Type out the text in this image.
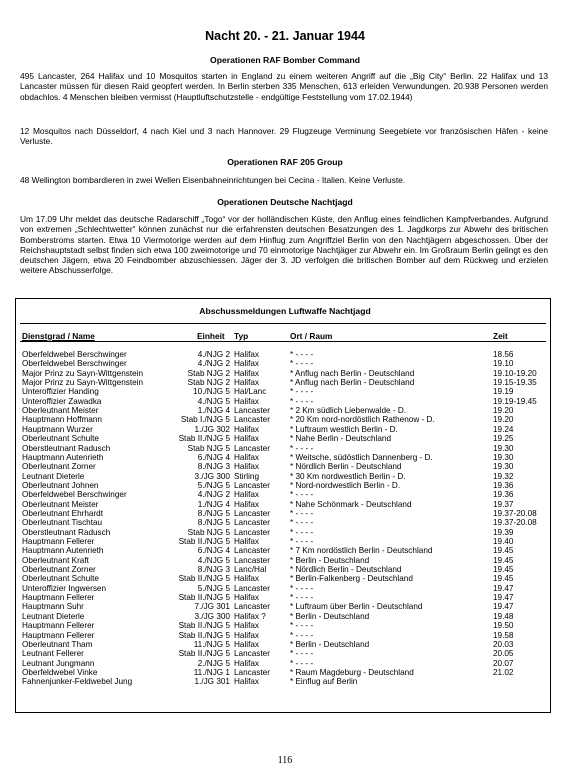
Nacht 20. - 21. Januar 1944
Operationen RAF Bomber Command
495 Lancaster, 264 Halifax und 10 Mosquitos starten in England zu einem weiteren Angriff auf die „Big City“ Berlin. 22 Halifax und 13 Lancaster müssen für diesen Raid geopfert werden. In Berlin sterben 335 Menschen, 613 erleiden Verwundungen. 20.938 Personen werden obdachlos. 4 Menschen bleiben vermisst (Hauptluftschutzstelle - endgültige Feststellung vom 17.02.1944)
12 Mosquitos nach Düsseldorf, 4 nach Kiel und 3 nach Hannover. 29 Flugzeuge Verminung Seegebiete vor französischen Häfen - keine Verluste.
Operationen RAF 205 Group
48 Wellington bombardieren in zwei Wellen Eisenbahneinrichtungen bei Cecina - Italien. Keine Verluste.
Operationen Deutsche Nachtjagd
Um 17.09 Uhr meldet das deutsche Radarschiff „Togo“ vor der holländischen Küste, den Anflug eines feindlichen Kampfverbandes. Aufgrund von extremen „Schlechtwetter“ können zunächst nur die erfahrensten deutschen Besatzungen des 1. Jagdkorps zur Abwehr des britischen Bomberstroms starten. Etwa 10 Viermotorige werden auf dem Hinflug zum Angriffziel Berlin von den Nachtjägern abgeschossen. Über der Reichshauptstadt selbst finden sich etwa 100 zweimotorige und 70 einmotorige Nachtjäger zur Abwehr ein. Im Großraum Berlin gelingt es den deutschen Jägern, etwa 20 Feindbomber abzuschiessen. Jäger der 3. JD verfolgen die britischen Bomber auf dem Rückweg und erzielen weitere Abschusserfolge.
Abschussmeldungen Luftwaffe Nachtjagd
Dienstgrad / Name	Einheit Typ	Ort / Raum	Zeit
Oberfeldwebel Berschwinger	4./NJG 2 Halifax	* - - - -	18.56
Oberfeldwebel Berschwinger	4./NJG 2 Halifax	* - - - -	19.10
Major Prinz zu Sayn-Wittgenstein	Stab NJG 2 Halifax	* Anflug nach Berlin - Deutschland	19.10-19.20
Major Prinz zu Sayn-Wittgenstein	Stab NJG 2 Halifax	* Anflug nach Berlin - Deutschland	19.15-19.35
Unteroffizier Handing	10./NJG 5 Hal/Lanc	* - - - -	19.19
Unteroffizier Zawadka	4./NJG 5 Halifax	* - - - -	19.19-19.45
Oberleutnant Meister	1./NJG 4 Lancaster * 2 Km südlich Liebenwalde - D.	19.20
Hauptmann Hoffmann	Stab I./NJG 5 Lancaster * 20 Km nord-nordöstlich Rathenow - D.	19.20
Hauptmann Wurzer	1./JG 302 Halifax	* Luftraum westlich Berlin - D.	19.24
Oberleutnant Schulte	Stab II./NJG 5 Halifax	* Nahe Berlin - Deutschland	19.25
Oberstleutnant Radusch	Stab NJG 5 Lancaster * - - - -	19.30
Hauptmann Autenrieth	6./NJG 4 Halifax	* Weitsche, südöstlich Dannenberg - D.	19.30
Oberleutnant Zorner	8./NJG 3 Halifax	* Nördlich Berlin - Deutschland	19.30
Leutnant Dieterle	3./JG 300 Stirling	* 30 Km nordwestlich Berlin - D.	19.32
Oberleutnant Johnen	5./NJG 5 Lancaster * Nord-nordwestlich Berlin - D.	19.36
Oberfeldwebel Berschwinger	4./NJG 2 Halifax	* - - - -	19.36
Oberleutnant Meister	1./NJG 4 Halifax	* Nahe Schönmark - Deutschland	19.37
Oberleutnant Ehrhardt	8./NJG 5 Lancaster * - - - -	19.37-20.08
Oberleutnant Tischtau	8./NJG 5 Lancaster * - - - -	19.37-20.08
Oberstleutnant Radusch	Stab NJG 5 Lancaster * - - - -	19.39
Hauptmann Fellerer	Stab II./NJG 5 Halifax	* - - - -	19.40
Hauptmann Autenrieth	6./NJG 4 Lancaster * 7 Km nordöstlich Berlin - Deutschland	19.45
Oberleutnant Kraft	4./NJG 5 Lancaster * Berlin - Deutschland	19.45
Oberleutnant Zorner	8./NJG 3 Lanc/Hal	* Nördlich Berlin - Deutschland	19.45
Oberleutnant Schulte	Stab II./NJG 5 Halifax	* Berlin-Falkenberg - Deutschland	19.45
Unteroffizier Ingwersen	5./NJG 5 Lancaster * - - - -	19.47
Hauptmann Fellerer	Stab II./NJG 5 Halifax	* - - - -	19.47
Hauptmann Suhr	7./JG 301 Lancaster * Luftraum über Berlin - Deutschland	19.47
Leutnant Dieterle	3./JG 300 Halifax ?	* Berlin - Deutschland	19.48
Hauptmann Fellerer	Stab II./NJG 5 Halifax	* - - - -	19.50
Hauptmann Fellerer	Stab II./NJG 5 Halifax	* - - - -	19.58
Oberleutnant Tham	11./NJG 5 Halifax	* Berlin - Deutschland	20.03
Leutnant Fellerer	Stab II./NJG 5 Lancaster * - - - -	20.05
Leutnant Jungmann	2./NJG 5 Halifax	* - - - -	20.07
Oberfeldwebel Vinke	11./NJG 1 Lancaster * Raum Magdeburg - Deutschland	21.02
Fahnenjunker-Feldwebel Jung	1./JG 301 Halifax	* Einflug auf Berlin
116
